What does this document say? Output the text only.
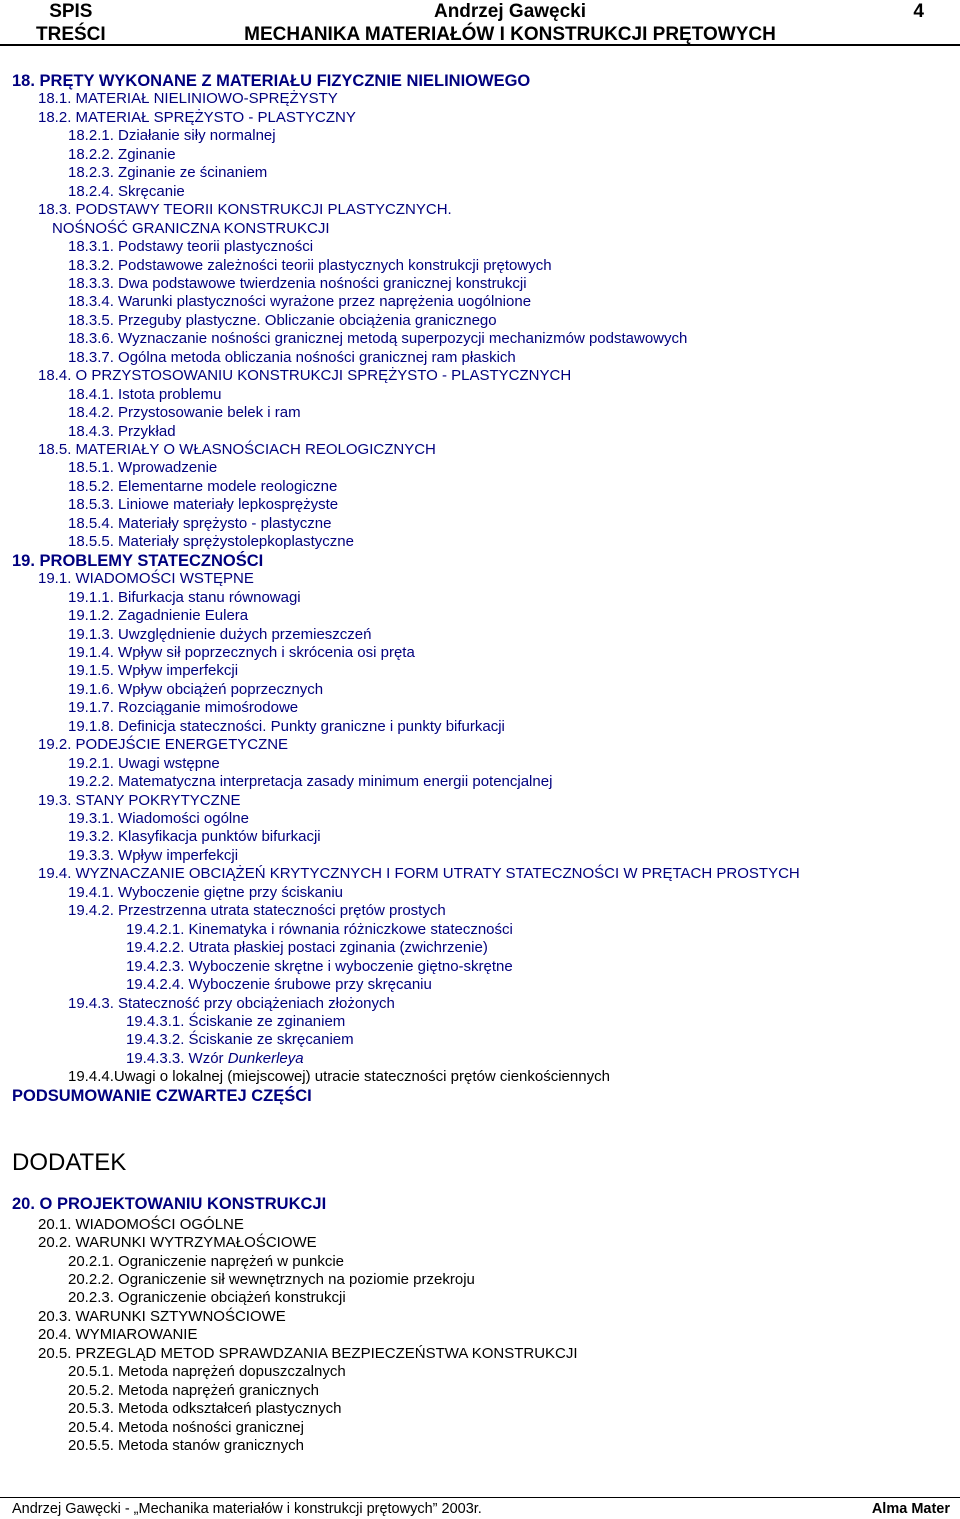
SPIS
TREŚCI
Andrzej Gawęcki
MECHANIKA MATERIAŁÓW I KONSTRUKCJI PRĘTOWYCH
4
18. PRĘTY WYKONANE Z MATERIAŁU FIZYCZNIE NIELINIOWEGO
18.1. MATERIAŁ NIELINIOWO-SPRĘŻYSTY
18.2. MATERIAŁ SPRĘŻYSTO - PLASTYCZNY
18.2.1. Działanie siły normalnej
18.2.2. Zginanie
18.2.3. Zginanie ze ścinaniem
18.2.4. Skręcanie
18.3. PODSTAWY TEORII KONSTRUKCJI PLASTYCZNYCH.
NOŚNOŚĆ GRANICZNA KONSTRUKCJI
18.3.1. Podstawy teorii plastyczności
18.3.2. Podstawowe zależności teorii plastycznych konstrukcji prętowych
18.3.3. Dwa podstawowe twierdzenia nośności granicznej konstrukcji
18.3.4. Warunki plastyczności wyrażone przez naprężenia uogólnione
18.3.5. Przeguby plastyczne. Obliczanie obciążenia granicznego
18.3.6. Wyznaczanie nośności granicznej metodą superpozycji mechanizmów podstawowych
18.3.7. Ogólna metoda obliczania nośności granicznej ram płaskich
18.4. O PRZYSTOSOWANIU KONSTRUKCJI SPRĘŻYSTO - PLASTYCZNYCH
18.4.1. Istota problemu
18.4.2. Przystosowanie belek i ram
18.4.3. Przykład
18.5. MATERIAŁY O WŁASNOŚCIACH REOLOGICZNYCH
18.5.1. Wprowadzenie
18.5.2. Elementarne modele reologiczne
18.5.3. Liniowe materiały lepkosprężyste
18.5.4. Materiały sprężysto - plastyczne
18.5.5. Materiały sprężystolepkoplastyczne
19. PROBLEMY STATECZNOŚCI
19.1. WIADOMOŚCI WSTĘPNE
19.1.1. Bifurkacja stanu równowagi
19.1.2. Zagadnienie Eulera
19.1.3. Uwzględnienie dużych przemieszczeń
19.1.4. Wpływ sił poprzecznych i skrócenia osi pręta
19.1.5. Wpływ imperfekcji
19.1.6. Wpływ obciążeń poprzecznych
19.1.7. Rozciąganie mimośrodowe
19.1.8. Definicja stateczności. Punkty graniczne i punkty bifurkacji
19.2. PODEJŚCIE ENERGETYCZNE
19.2.1. Uwagi wstępne
19.2.2. Matematyczna interpretacja zasady minimum energii potencjalnej
19.3. STANY POKRYTYCZNE
19.3.1. Wiadomości ogólne
19.3.2. Klasyfikacja punktów bifurkacji
19.3.3. Wpływ imperfekcji
19.4. WYZNACZANIE OBCIĄŻEŃ KRYTYCZNYCH I FORM UTRATY STATECZNOŚCI W PRĘTACH PROSTYCH
19.4.1. Wyboczenie giętne przy ściskaniu
19.4.2. Przestrzenna utrata stateczności prętów prostych
19.4.2.1. Kinematyka i równania różniczkowe stateczności
19.4.2.2. Utrata płaskiej postaci zginania (zwichrzenie)
19.4.2.3. Wyboczenie skrętne i wyboczenie giętno-skrętne
19.4.2.4. Wyboczenie śrubowe przy skręcaniu
19.4.3. Stateczność przy obciążeniach złożonych
19.4.3.1. Ściskanie ze zginaniem
19.4.3.2. Ściskanie ze skręcaniem
19.4.3.3. Wzór Dunkerleya
19.4.4.Uwagi o lokalnej (miejscowej) utracie stateczności prętów cienkościennych
PODSUMOWANIE CZWARTEJ CZĘŚCI
DODATEK
20. O PROJEKTOWANIU KONSTRUKCJI
20.1. WIADOMOŚCI OGÓLNE
20.2. WARUNKI WYTRZYMAŁOŚCIOWE
20.2.1. Ograniczenie naprężeń w punkcie
20.2.2. Ograniczenie sił wewnętrznych na poziomie przekroju
20.2.3. Ograniczenie obciążeń konstrukcji
20.3. WARUNKI SZTYWNOŚCIOWE
20.4. WYMIAROWANIE
20.5. PRZEGLĄD METOD SPRAWDZANIA BEZPIECZEŃSTWA KONSTRUKCJI
20.5.1. Metoda naprężeń dopuszczalnych
20.5.2. Metoda naprężeń granicznych
20.5.3. Metoda odkształceń plastycznych
20.5.4. Metoda nośności granicznej
20.5.5. Metoda stanów granicznych
Andrzej Gawęcki - „Mechanika materiałów i konstrukcji prętowych” 2003r.	Alma Mater
